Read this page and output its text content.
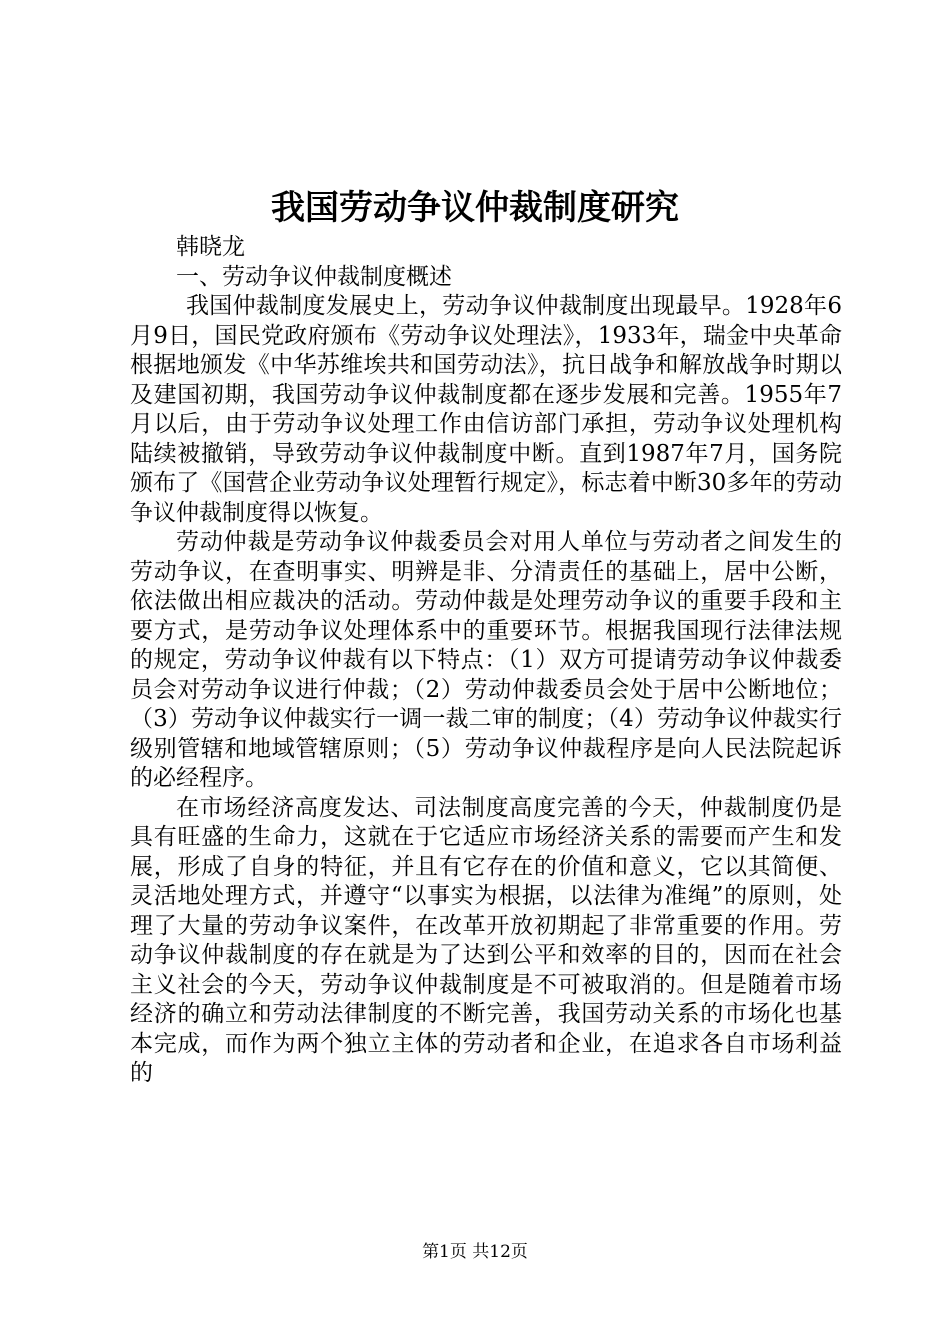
我国劳动争议仲裁制度研究

韩晓龙

一、劳动争议仲裁制度概述

我国仲裁制度发展史上，劳动争议仲裁制度出现最早。1928年6月9日，国民党政府颁布《劳动争议处理法》，1933年，瑞金中央革命根据地颁发《中华苏维埃共和国劳动法》，抗日战争和解放战争时期以及建国初期，我国劳动争议仲裁制度都在逐步发展和完善。1955年7月以后，由于劳动争议处理工作由信访部门承担，劳动争议处理机构陆续被撤销，导致劳动争议仲裁制度中断。直到1987年7月，国务院颁布了《国营企业劳动争议处理暂行规定》，标志着中断30多年的劳动争议仲裁制度得以恢复。

劳动仲裁是劳动争议仲裁委员会对用人单位与劳动者之间发生的劳动争议，在查明事实、明辨是非、分清责任的基础上，居中公断，依法做出相应裁决的活动。劳动仲裁是处理劳动争议的重要手段和主要方式，是劳动争议处理体系中的重要环节。根据我国现行法律法规的规定，劳动争议仲裁有以下特点：（1）双方可提请劳动争议仲裁委员会对劳动争议进行仲裁；（2）劳动仲裁委员会处于居中公断地位；（3）劳动争议仲裁实行一调一裁二审的制度；（4）劳动争议仲裁实行级别管辖和地域管辖原则；（5）劳动争议仲裁程序是向人民法院起诉的必经程序。

在市场经济高度发达、司法制度高度完善的今天，仲裁制度仍是具有旺盛的生命力，这就在于它适应市场经济关系的需要而产生和发展，形成了自身的特征，并且有它存在的价值和意义，它以其简便、灵活地处理方式，并遵守“以事实为根据，以法律为准绳”的原则，处理了大量的劳动争议案件，在改革开放初期起了非常重要的作用。劳动争议仲裁制度的存在就是为了达到公平和效率的目的，因而在社会主义社会的今天，劳动争议仲裁制度是不可被取消的。但是随着市场经济的确立和劳动法律制度的不断完善，我国劳动关系的市场化也基本完成，而作为两个独立主体的劳动者和企业，在追求各自市场利益的

第1页 共12页
